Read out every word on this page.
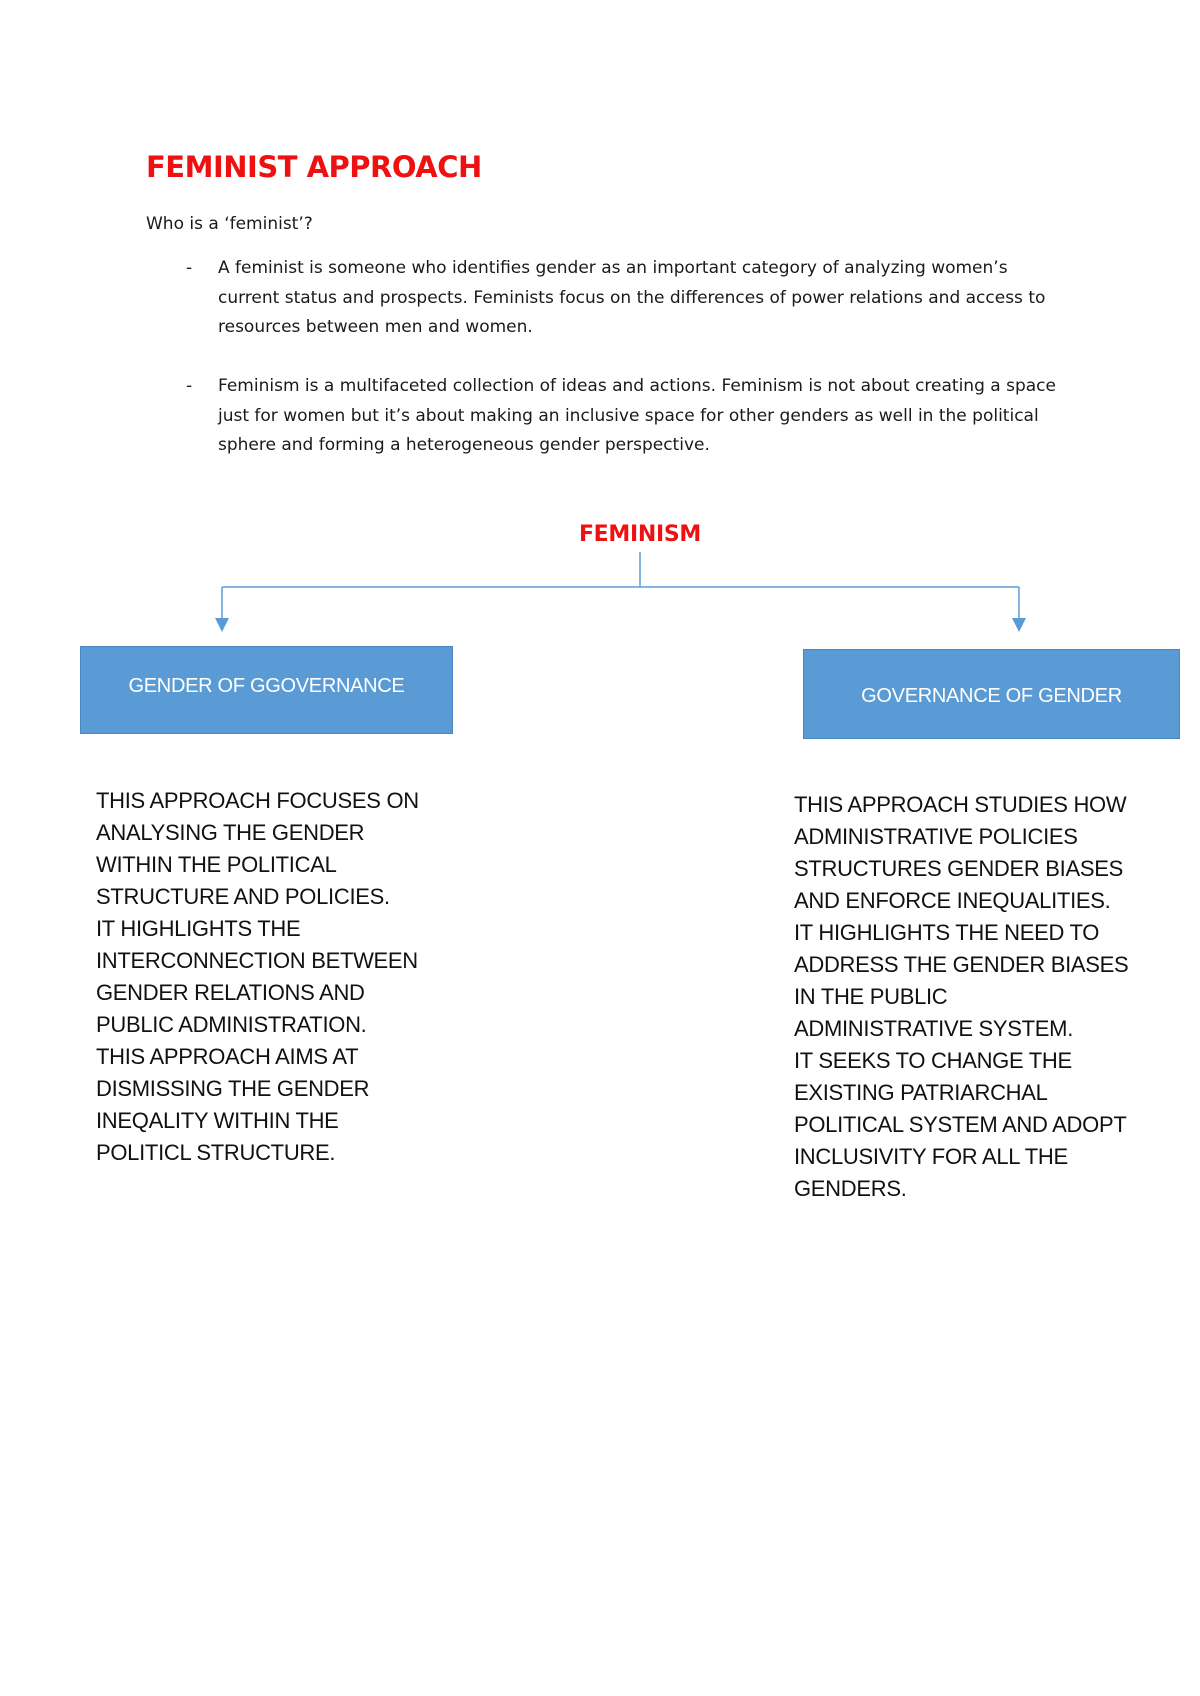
FEMINIST APPROACH
Who is a ‘feminist’?
- A feminist is someone who identifies gender as an important category of analyzing women’s current status and prospects. Feminists focus on the differences of power relations and access to resources between men and women.
- Feminism is a multifaceted collection of ideas and actions. Feminism is not about creating a space just for women but it’s about making an inclusive space for other genders as well in the political sphere and forming a heterogeneous gender perspective.
FEMINISM
GENDER OF GGOVERNANCE	GOVERNANCE OF GENDER

THIS APPROACH FOCUSES ON
ANALYSING THE GENDER
WITHIN THE POLITICAL
STRUCTURE AND POLICIES.
IT HIGHLIGHTS THE
INTERCONNECTION BETWEEN
GENDER RELATIONS AND
PUBLIC ADMINISTRATION.
THIS APPROACH AIMS AT
DISMISSING THE GENDER
INEQALITY WITHIN THE
POLITICL STRUCTURE.

THIS APPROACH STUDIES HOW
ADMINISTRATIVE POLICIES
STRUCTURES GENDER BIASES
AND ENFORCE INEQUALITIES.
IT HIGHLIGHTS THE NEED TO
ADDRESS THE GENDER BIASES
IN THE PUBLIC
ADMINISTRATIVE SYSTEM.
IT SEEKS TO CHANGE THE
EXISTING PATRIARCHAL
POLITICAL SYSTEM AND ADOPT
INCLUSIVITY FOR ALL THE
GENDERS.
